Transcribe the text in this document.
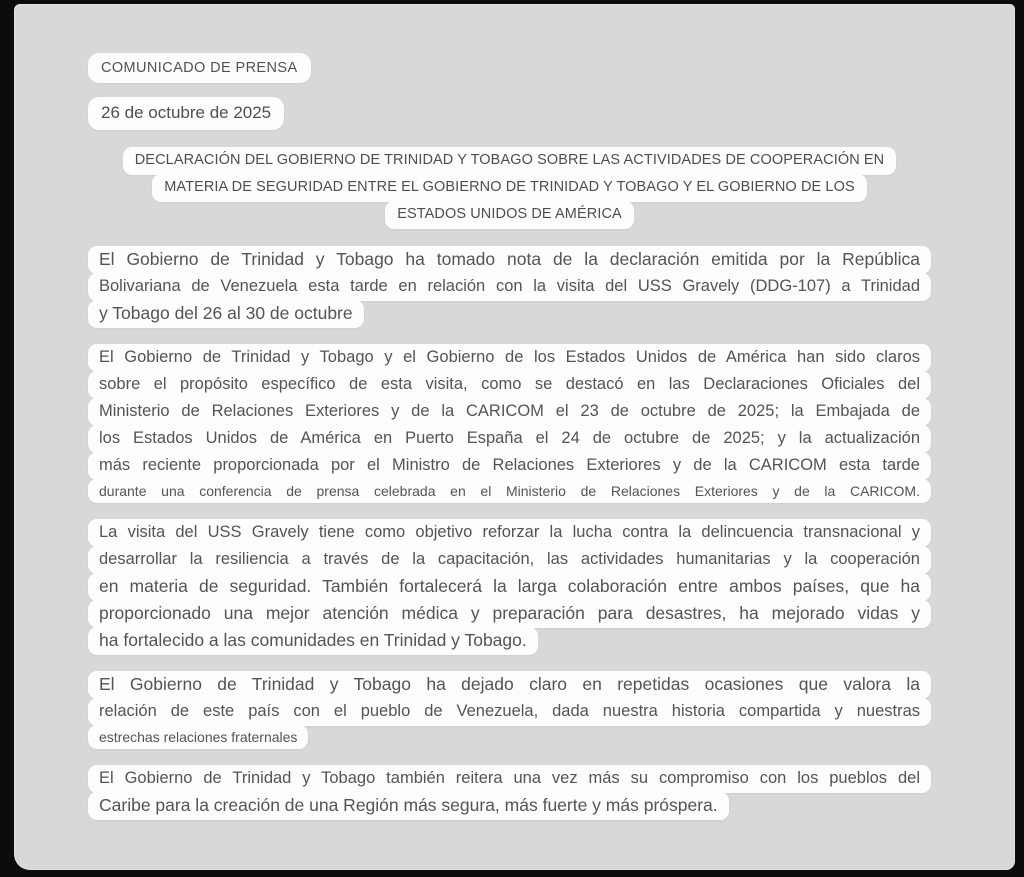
COMUNICADO DE PRENSA
26 de octubre de 2025
DECLARACIÓN DEL GOBIERNO DE TRINIDAD Y TOBAGO SOBRE LAS ACTIVIDADES DE COOPERACIÓN ENMATERIA DE SEGURIDAD ENTRE EL GOBIERNO DE TRINIDAD Y TOBAGO Y EL GOBIERNO DE LOSESTADOS UNIDOS DE AMÉRICA
El Gobierno de Trinidad y Tobago ha tomado nota de la declaración emitida por la República
Bolivariana de Venezuela esta tarde en relación con la visita del USS Gravely (DDG-107) a Trinidad
y Tobago del 26 al 30 de octubre
El Gobierno de Trinidad y Tobago y el Gobierno de los Estados Unidos de América han sido claros
sobre el propósito específico de esta visita, como se destacó en las Declaraciones Oficiales del
Ministerio de Relaciones Exteriores y de la CARICOM el 23 de octubre de 2025; la Embajada de
los Estados Unidos de América en Puerto España el 24 de octubre de 2025; y la actualización
más reciente proporcionada por el Ministro de Relaciones Exteriores y de la CARICOM esta tarde
durante una conferencia de prensa celebrada en el Ministerio de Relaciones Exteriores y de la CARICOM.
La visita del USS Gravely tiene como objetivo reforzar la lucha contra la delincuencia transnacional y
desarrollar la resiliencia a través de la capacitación, las actividades humanitarias y la cooperación
en materia de seguridad. También fortalecerá la larga colaboración entre ambos países, que ha
proporcionado una mejor atención médica y preparación para desastres, ha mejorado vidas y
ha fortalecido a las comunidades en Trinidad y Tobago.
El Gobierno de Trinidad y Tobago ha dejado claro en repetidas ocasiones que valora la
relación de este país con el pueblo de Venezuela, dada nuestra historia compartida y nuestras
estrechas relaciones fraternales
El Gobierno de Trinidad y Tobago también reitera una vez más su compromiso con los pueblos del
Caribe para la creación de una Región más segura, más fuerte y más próspera.
